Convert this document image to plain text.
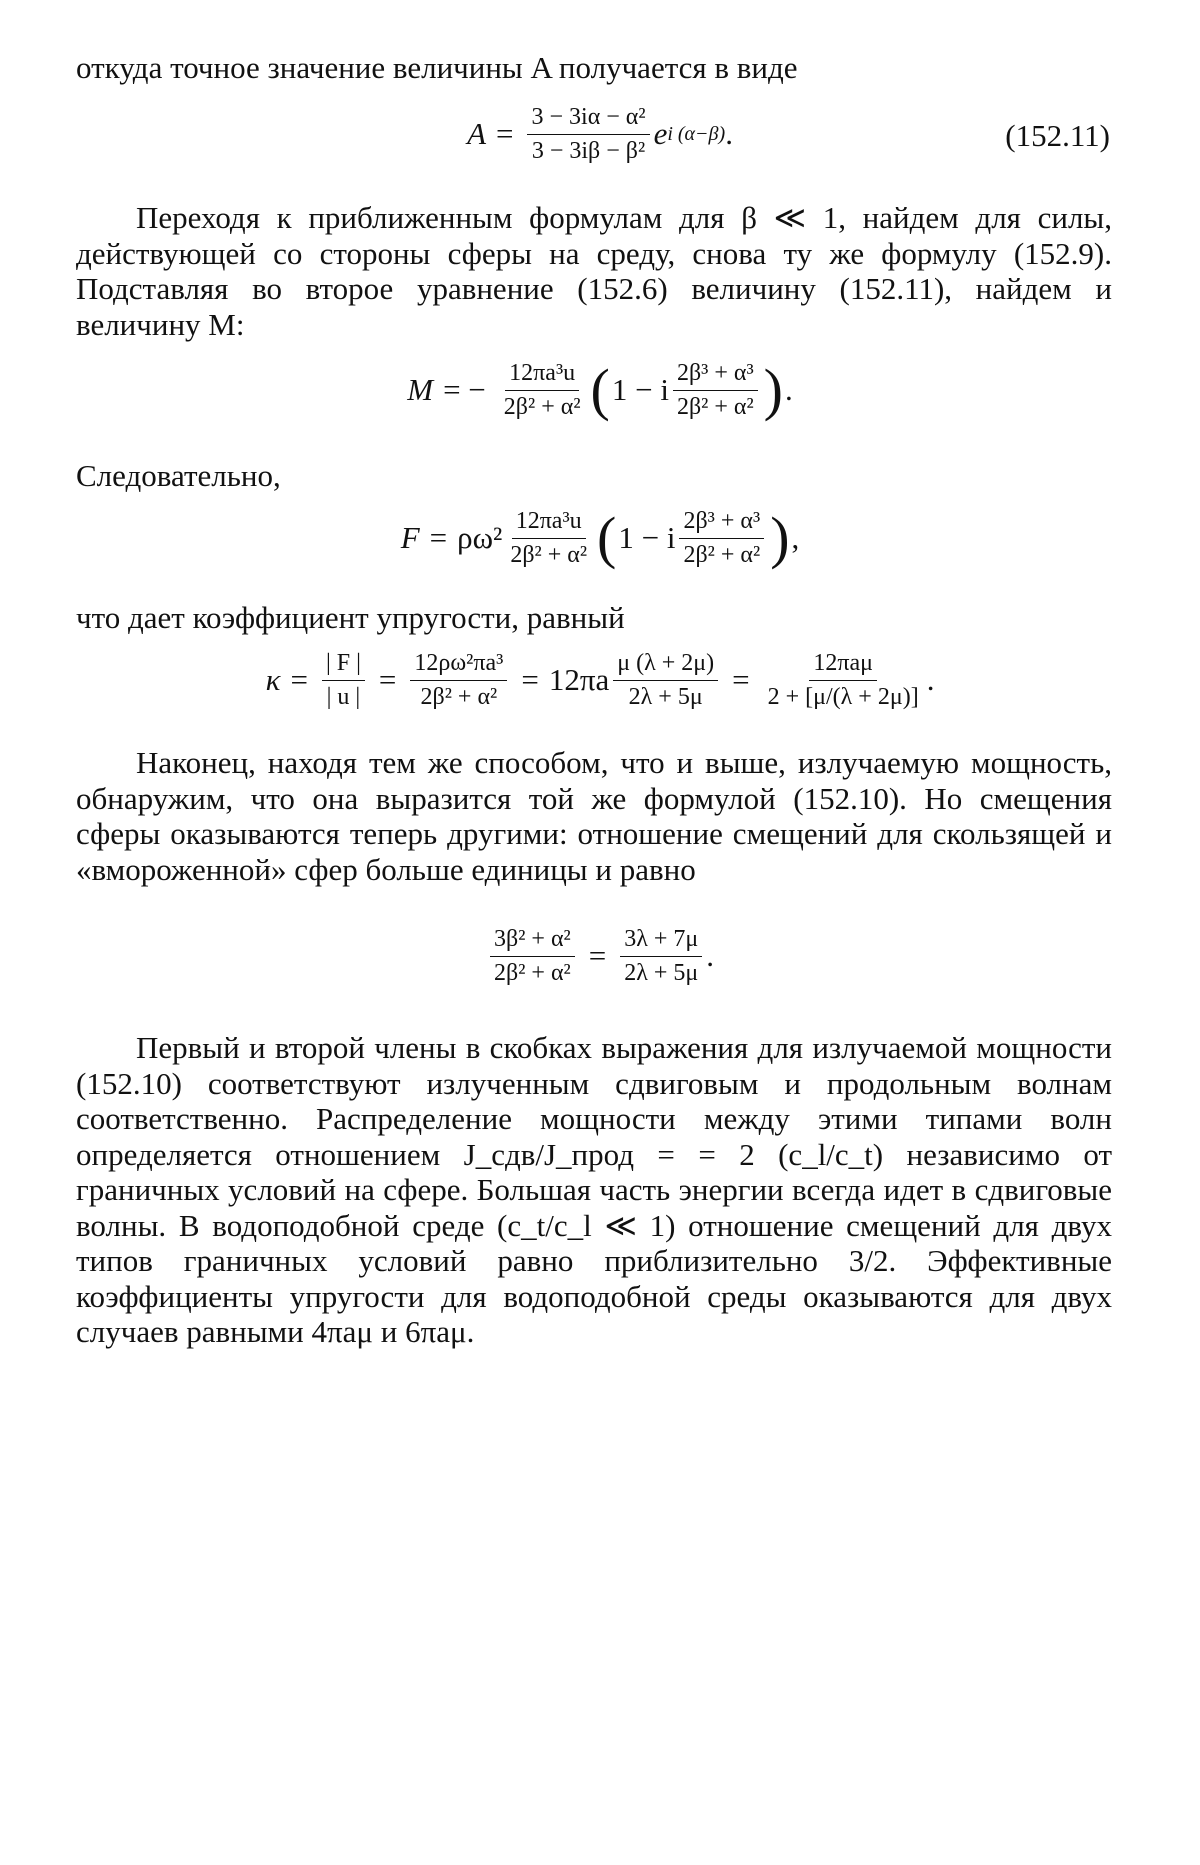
откуда точное значение величины A получается в виде

$A = \frac{\text{3 − 3iα − α²}}{\text{3 − 3iβ − β²}}$ e i (α−β) .	(152.11)

Переходя к приближенным формулам для β ≪ 1, найдем для силы, действующей со стороны сферы на среду, снова ту же формулу (152.9). Подставляя во второе уравнение (152.6) величину (152.11), найдем и величину M:

M = − $\frac{\text{12πa³u}}{\text{2β² + α²}}$ ( 1 − i $\frac{\text{2β³ + α³}}{\text{2β² + α²}}$ ) .

Следовательно,

$F = \rho\omega^2 \frac{\text{12πa³u}}{\text{2β² + α²}}$ ( 1 − i $\frac{\text{2β³ + α³}}{\text{2β² + α²}}$ ) ,

что дает коэффициент упругости, равный

$\kappa = \frac{| F |}{| u |} = \frac{\text{12ρω²πa³}}{\text{2β² + α²}} = 12\pi a \frac{\mu (\lambda + 2\mu)}{2\lambda + 5\mu} = \frac{\text{12πaμ}}{2 + [\mu/(\lambda + 2\mu)]}$ .

Наконец, находя тем же способом, что и выше, излучаемую мощность, обнаружим, что она выразится той же формулой (152.10). Но смещения сферы оказываются теперь другими: отношение смещений для скользящей и «вмороженной» сфер больше единицы и равно

$\frac{\text{3β² + α²}}{\text{2β² + α²}} = \frac{3\lambda + 7\mu}{2\lambda + 5\mu}$ .

Первый и второй члены в скобках выражения для излучаемой мощности (152.10) соответствуют излученным сдвиговым и продольным волнам соответственно. Распределение мощности между этими типами волн определяется отношением J_сдв/J_прод = = 2 (c_l/c_t) независимо от граничных условий на сфере. Большая часть энергии всегда идет в сдвиговые волны. В водоподобной среде (c_t/c_l ≪ 1) отношение смещений для двух типов граничных условий равно приблизительно 3/2. Эффективные коэффициенты упругости для водоподобной среды оказываются для двух случаев равными 4πaμ и 6πaμ.
